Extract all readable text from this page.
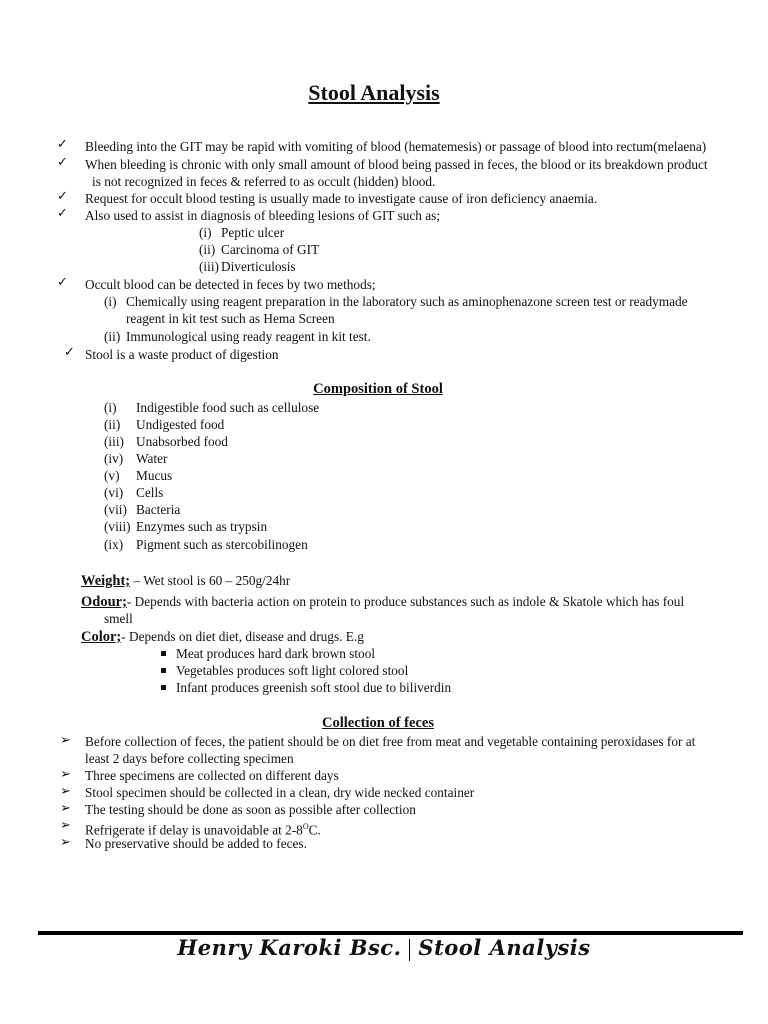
Stool Analysis
✓ Bleeding into the GIT may be rapid with vomiting of blood (hematemesis) or passage of blood into rectum(melaena)
✓ When bleeding is chronic with only small amount of blood being passed in feces, the blood or its breakdown product
is not recognized in feces & referred to as occult (hidden) blood.
✓ Request for occult blood testing is usually made to investigate cause of iron deficiency anaemia.
✓ Also used to assist in diagnosis of bleeding lesions of GIT such as;
(i) Peptic ulcer
(ii) Carcinoma of GIT
(iii) Diverticulosis
✓ Occult blood can be detected in feces by two methods;
(i) Chemically using reagent preparation in the laboratory such as aminophenazone screen test or readymade
reagent in kit test such as Hema Screen
(ii) Immunological using ready reagent in kit test.
✓ Stool is a waste product of digestion
Composition of Stool
(i) Indigestible food such as cellulose
(ii) Undigested food
(iii) Unabsorbed food
(iv) Water
(v) Mucus
(vi) Cells
(vii) Bacteria
(viii) Enzymes such as trypsin
(ix) Pigment such as stercobilinogen
Weight; – Wet stool is 60 – 250g/24hr
Odour;- Depends with bacteria action on protein to produce substances such as indole & Skatole which has foul
smell
Color;- Depends on diet diet, disease and drugs. E.g
Meat produces hard dark brown stool
Vegetables produces soft light colored stool
Infant produces greenish soft stool due to biliverdin
Collection of feces
➢ Before collection of feces, the patient should be on diet free from meat and vegetable containing peroxidases for at
least 2 days before collecting specimen
➢ Three specimens are collected on different days
➢ Stool specimen should be collected in a clean, dry wide necked container
➢ The testing should be done as soon as possible after collection
➢ Refrigerate if delay is unavoidable at $2-8^OC$.
➢ No preservative should be added to feces.
Henry Karoki Bsc. Stool Analysis
